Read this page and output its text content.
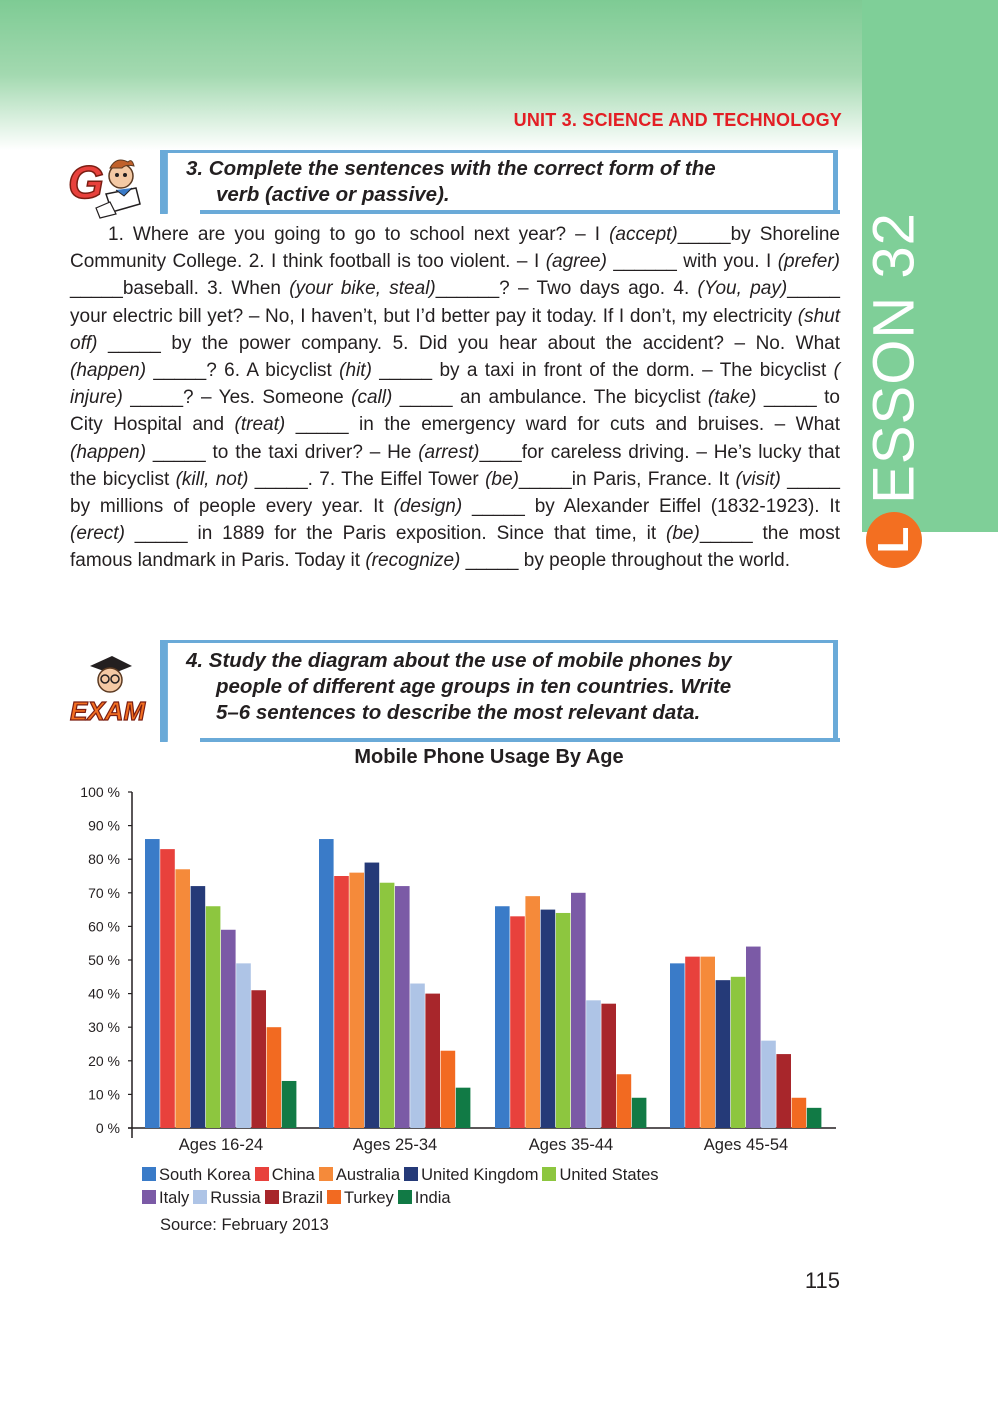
ESSON 32
L
UNIT 3. SCIENCE AND TECHNOLOGY
G	3. Complete the sentences with the correct form of the
verb (active or passive).
  1. Where are you going to go to school next year? – I (accept)_____by Shoreline Community College. 2. I think football is too violent. – I (agree) ______ with you. I (prefer) _____baseball. 3. When (your bike, steal)______? – Two days ago. 4. (You, pay)_____ your electric bill yet? – No, I haven’t, but I’d better pay it today. If I don’t, my electricity (shut off) _____ by the power company. 5. Did you hear about the accident? – No. What (happen) _____? 6. A bicyclist (hit) _____ by a taxi in front of the dorm. – The bicyclist ( injure) _____? – Yes. Someone (call) _____ an ambulance. The bicyclist (take) _____ to City Hospital and (treat) _____ in the emergency ward for cuts and bruises. – What (happen) _____ to the taxi driver? – He (arrest)____for careless driving. – He’s lucky that the bicyclist (kill, not) _____. 7. The Eiffel Tower (be)_____in Paris, France. It (visit) _____ by millions of people every year. It (design) _____ by Alexander Eiffel (1832-1923). It (erect) _____ in 1889 for the Paris exposition. Since that time, it (be)_____ the most famous landmark in Paris. Today it (recognize) _____ by people throughout the world.
EXAM
4. Study the diagram about the use of mobile phones by
people of different age groups in ten countries. Write
5–6 sentences to describe the most relevant data.
Mobile Phone Usage By Age
0 %
10 %
20 %
30 %
40 %
50 %
60 %
70 %
80 %
90 %
100 %
Ages 16-24	Ages 25-34	Ages 35-44	Ages 45-54
South Korea China Australia United Kingdom United States
Italy Russia Brazil Turkey India
Source: February 2013
115
